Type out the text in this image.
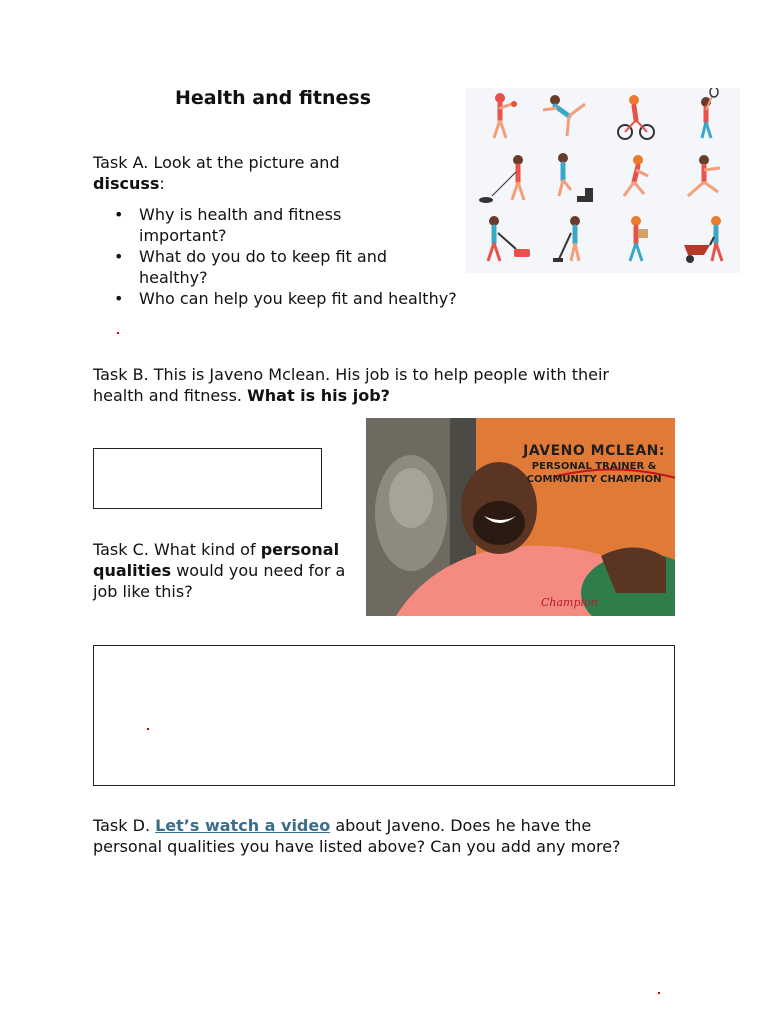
Health and fitness

Task A. Look at the picture and discuss:

• Why is health and fitness important?
• What do you do to keep fit and healthy?
• Who can help you keep fit and healthy?

Task B. This is Javeno Mclean. His job is to help people with their health and fitness. What is his job?

Champion
JAVENO MCLEAN:
PERSONAL TRAINER &
COMMUNITY CHAMPION

Task C. What kind of personal qualities would you need for a job like this?

Task D. Let’s watch a video about Javeno. Does he have the personal qualities you have listed above? Can you add any more?
